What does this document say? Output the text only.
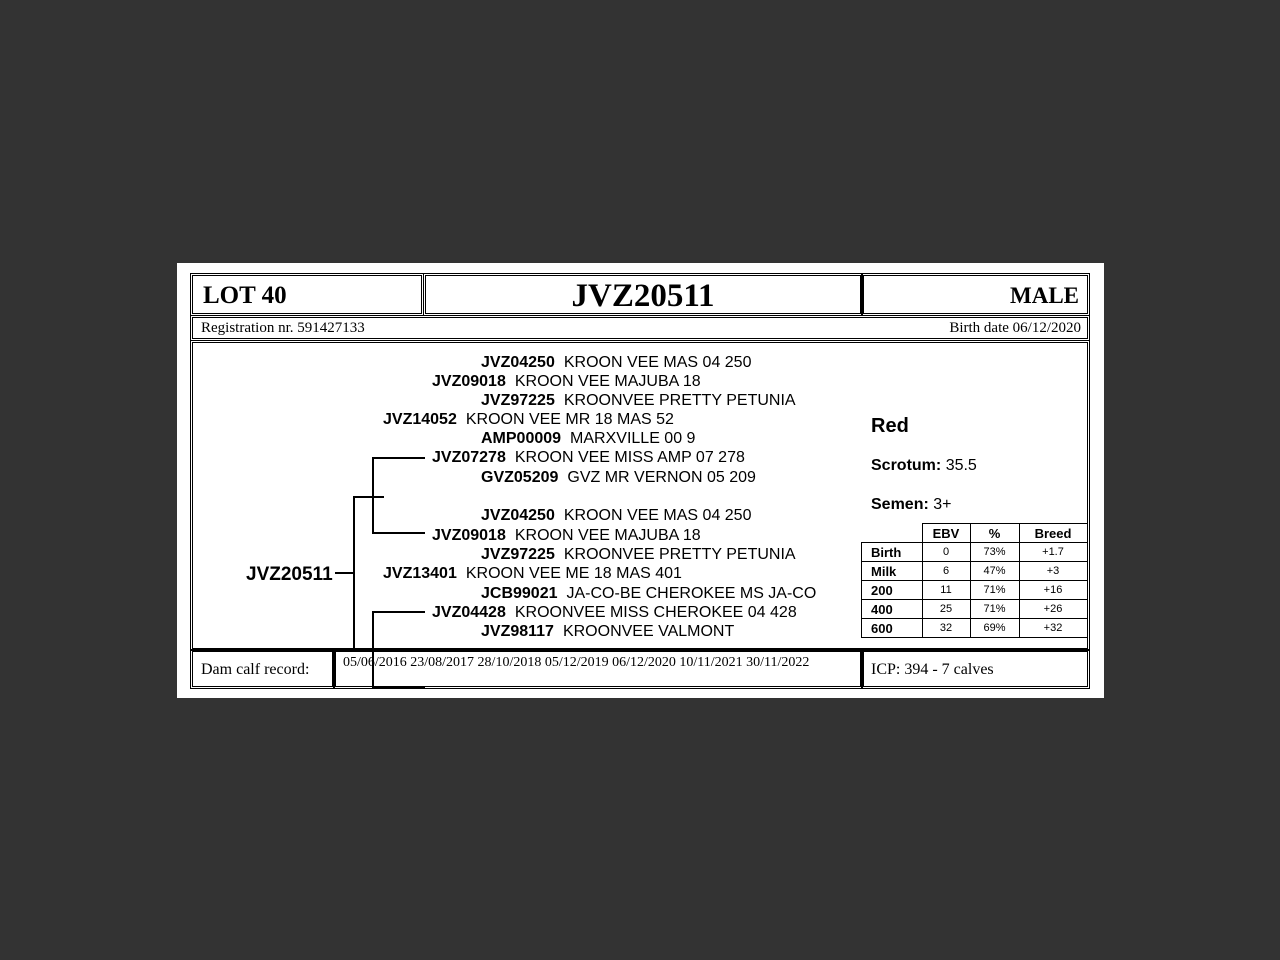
LOT 40	JVZ20511	MALE
Registration nr. 591427133	Birth date 06/12/2020
JVZ20511
JVZ04250 KROON VEE MAS 04 250
JVZ09018 KROON VEE MAJUBA 18
JVZ97225 KROONVEE PRETTY PETUNIA
JVZ14052 KROON VEE MR 18 MAS 52
AMP00009 MARXVILLE 00 9
JVZ07278 KROON VEE MISS AMP 07 278
GVZ05209 GVZ MR VERNON 05 209
JVZ04250 KROON VEE MAS 04 250
JVZ09018 KROON VEE MAJUBA 18
JVZ97225 KROONVEE PRETTY PETUNIA
JVZ13401 KROON VEE ME 18 MAS 401
JCB99021 JA-CO-BE CHEROKEE MS JA-CO
JVZ04428 KROONVEE MISS CHEROKEE 04 428
JVZ98117 KROONVEE VALMONT
Red
Scrotum: 35.5
Semen: 3+
	EBV	%	Breed
Birth	0	73%	+1.7
Milk	6	47%	+3
200	11	71%	+16
400	25	71%	+26
600	32	69%	+32
Dam calf record: 05/06/2016 23/08/2017 28/10/2018 05/12/2019 06/12/2020 10/11/2021 30/11/2022	ICP: 394 - 7 calves
